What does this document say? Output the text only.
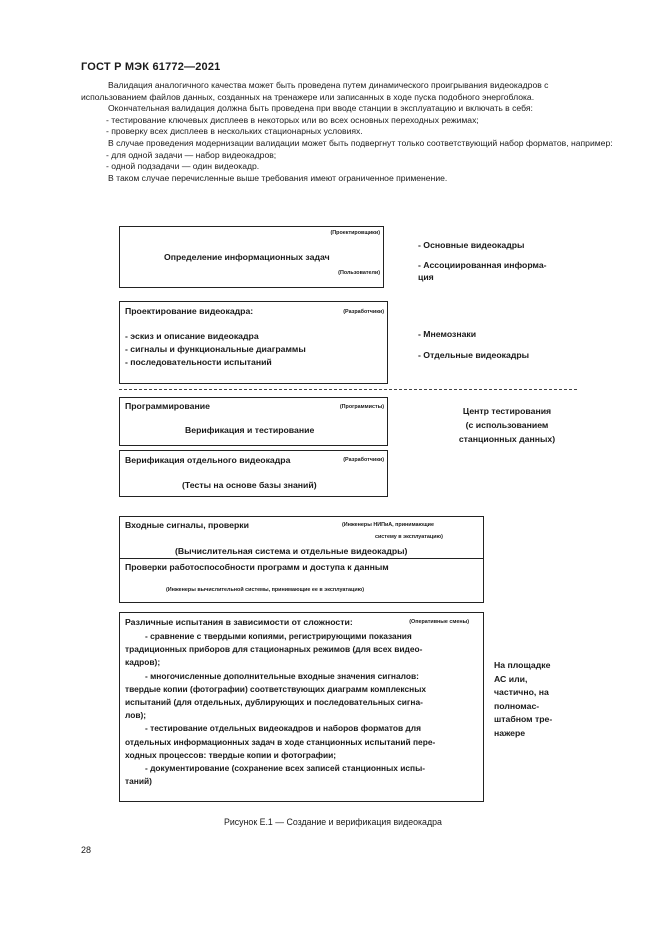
ГОСТ Р МЭК 61772—2021

Валидация аналогичного качества может быть проведена путем динамического проигрывания видеокадров с использованием файлов данных, созданных на тренажере или записанных в ходе пуска подобного энергоблока.

Окончательная валидация должна быть проведена при вводе станции в эксплуатацию и включать в себя:

- тестирование ключевых дисплеев в некоторых или во всех основных переходных режимах;

- проверку всех дисплеев в нескольких стационарных условиях.

В случае проведения модернизации валидации может быть подвергнут только соответствующий набор форматов, например:

- для одной задачи — набор видеокадров;

- одной подзадачи — один видеокадр.

В таком случае перечисленные выше требования имеют ограниченное применение.

(Проектировщики)
Определение информационных задач
(Пользователи)
- Основные видеокадры
- Ассоциированная информа-
ция
Проектирование видеокадра:	(Разработчики)
- эскиз и описание видеокадра
- сигналы и функциональные диаграммы
- последовательности испытаний
- Мнемознаки
- Отдельные видеокадры
Программирование	(Программисты)
Верификация и тестирование
Центр тестирования
(с использованием
станционных данных)
Верификация отдельного видеокадра	(Разработчики)
(Тесты на основе базы знаний)
Входные сигналы, проверки	(Инженеры НИПиА, принимающие
систему в эксплуатацию)
(Вычислительная система и отдельные видеокадры)
Проверки работоспособности программ и доступа к данным
(Инженеры вычислительной системы, принимающие ее в эксплуатацию)
Различные испытания в зависимости от сложности:	(Оперативные смены)

- сравнение с твердыми копиями, регистрирующими показания

традиционных приборов для стационарных режимов (для всех видео-

кадров);

- многочисленные дополнительные входные значения сигналов:

твердые копии (фотографии) соответствующих диаграмм комплексных

испытаний (для отдельных, дублирующих и последовательных сигна-

лов);

- тестирование отдельных видеокадров и наборов форматов для

отдельных информационных задач в ходе станционных испытаний пере-

ходных процессов: твердые копии и фотографии;

- документирование (сохранение всех записей станционных испы-

таний)

На площадке
АС или,
частично, на
полномас-
штабном тре-
нажере
Рисунок Е.1 — Создание и верификация видеокадра
28
